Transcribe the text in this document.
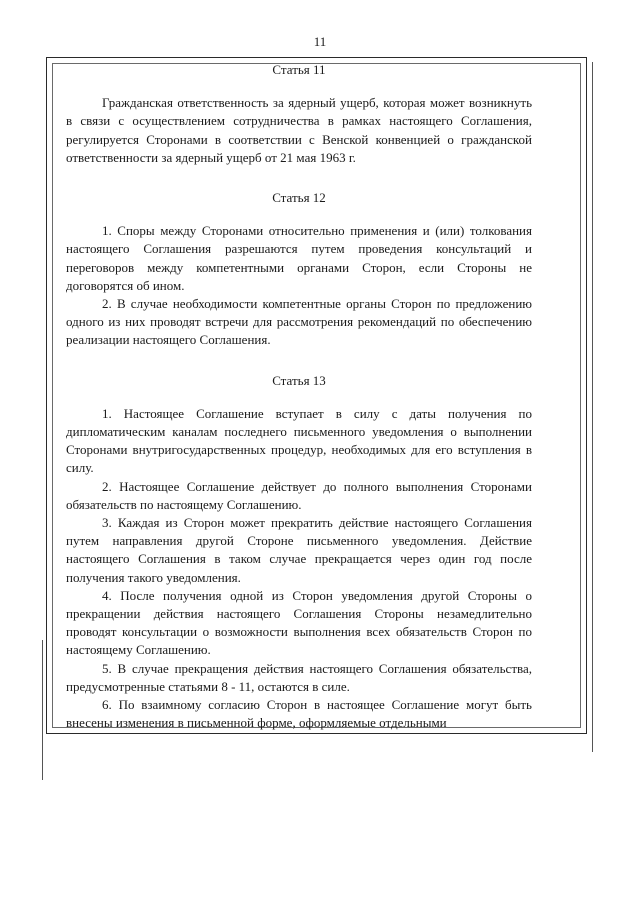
11
Статья 11

Гражданская ответственность за ядерный ущерб, которая может возникнуть в связи с осуществлением сотрудничества в рамках настоящего Соглашения, регулируется Сторонами в соответствии с Венской конвенцией о гражданской ответственности за ядерный ущерб от 21 мая 1963 г.

Статья 12

1. Споры между Сторонами относительно применения и (или) толкования настоящего Соглашения разрешаются путем проведения консультаций и переговоров между компетентными органами Сторон, если Стороны не договорятся об ином.

2. В случае необходимости компетентные органы Сторон по предложению одного из них проводят встречи для рассмотрения рекомендаций по обеспечению реализации настоящего Соглашения.

Статья 13

1. Настоящее Соглашение вступает в силу с даты получения по дипломатическим каналам последнего письменного уведомления о выполнении Сторонами внутригосударственных процедур, необходимых для его вступления в силу.

2. Настоящее Соглашение действует до полного выполнения Сторонами обязательств по настоящему Соглашению.

3. Каждая из Сторон может прекратить действие настоящего Соглашения путем направления другой Стороне письменного уведомления. Действие настоящего Соглашения в таком случае прекращается через один год после получения такого уведомления.

4. После получения одной из Сторон уведомления другой Стороны о прекращении действия настоящего Соглашения Стороны незамедлительно проводят консультации о возможности выполнения всех обязательств Сторон по настоящему Соглашению.

5. В случае прекращения действия настоящего Соглашения обязательства, предусмотренные статьями 8 - 11, остаются в силе.

6. По взаимному согласию Сторон в настоящее Соглашение могут быть внесены изменения в письменной форме, оформляемые отдельными
